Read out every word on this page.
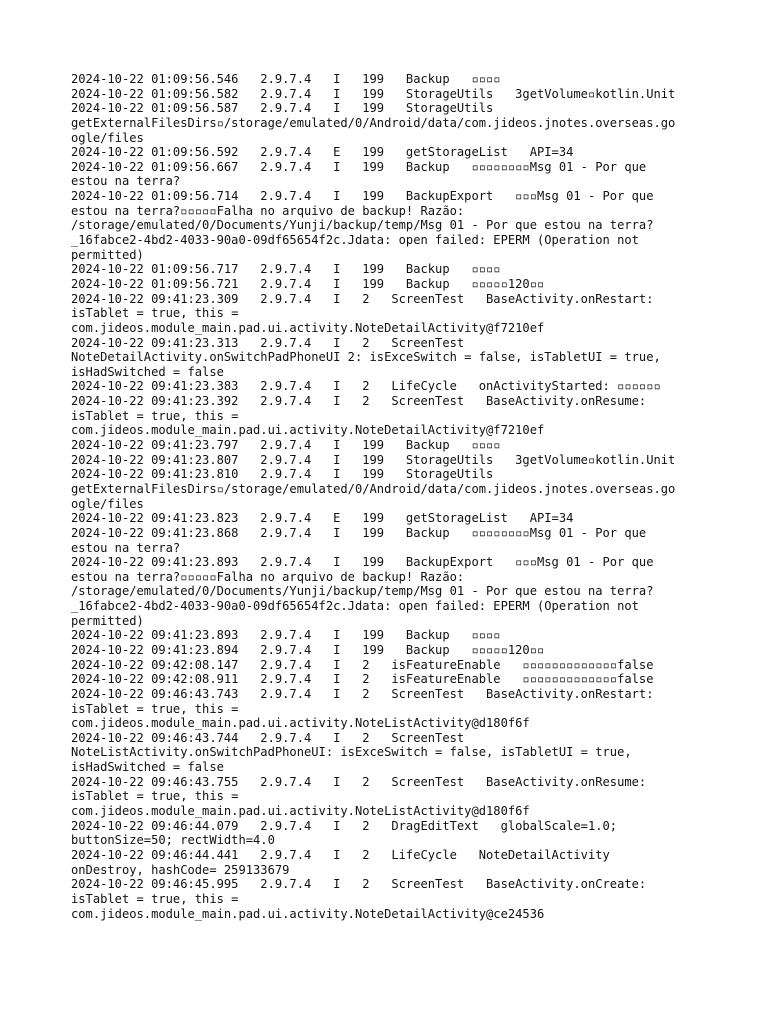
2024-10-22 01:09:56.546   2.9.7.4   I   199   Backup   ▫▫▫▫
2024-10-22 01:09:56.582   2.9.7.4   I   199   StorageUtils   3getVolume▫kotlin.Unit
2024-10-22 01:09:56.587   2.9.7.4   I   199   StorageUtils
getExternalFilesDirs▫/storage/emulated/0/Android/data/com.jideos.jnotes.overseas.go
ogle/files
2024-10-22 01:09:56.592   2.9.7.4   E   199   getStorageList   API=34
2024-10-22 01:09:56.667   2.9.7.4   I   199   Backup   ▫▫▫▫▫▫▫▫Msg 01 - Por que
estou na terra?
2024-10-22 01:09:56.714   2.9.7.4   I   199   BackupExport   ▫▫▫Msg 01 - Por que
estou na terra?▫▫▫▫▫Falha no arquivo de backup! Razão:
/storage/emulated/0/Documents/Yunji/backup/temp/Msg 01 - Por que estou na terra?
_16fabce2-4bd2-4033-90a0-09df65654f2c.Jdata: open failed: EPERM (Operation not
permitted)
2024-10-22 01:09:56.717   2.9.7.4   I   199   Backup   ▫▫▫▫
2024-10-22 01:09:56.721   2.9.7.4   I   199   Backup   ▫▫▫▫▫120▫▫
2024-10-22 09:41:23.309   2.9.7.4   I   2   ScreenTest   BaseActivity.onRestart:
isTablet = true, this =
com.jideos.module_main.pad.ui.activity.NoteDetailActivity@f7210ef
2024-10-22 09:41:23.313   2.9.7.4   I   2   ScreenTest
NoteDetailActivity.onSwitchPadPhoneUI 2: isExceSwitch = false, isTabletUI = true,
isHadSwitched = false
2024-10-22 09:41:23.383   2.9.7.4   I   2   LifeCycle   onActivityStarted: ▫▫▫▫▫▫
2024-10-22 09:41:23.392   2.9.7.4   I   2   ScreenTest   BaseActivity.onResume:
isTablet = true, this =
com.jideos.module_main.pad.ui.activity.NoteDetailActivity@f7210ef
2024-10-22 09:41:23.797   2.9.7.4   I   199   Backup   ▫▫▫▫
2024-10-22 09:41:23.807   2.9.7.4   I   199   StorageUtils   3getVolume▫kotlin.Unit
2024-10-22 09:41:23.810   2.9.7.4   I   199   StorageUtils
getExternalFilesDirs▫/storage/emulated/0/Android/data/com.jideos.jnotes.overseas.go
ogle/files
2024-10-22 09:41:23.823   2.9.7.4   E   199   getStorageList   API=34
2024-10-22 09:41:23.868   2.9.7.4   I   199   Backup   ▫▫▫▫▫▫▫▫Msg 01 - Por que
estou na terra?
2024-10-22 09:41:23.893   2.9.7.4   I   199   BackupExport   ▫▫▫Msg 01 - Por que
estou na terra?▫▫▫▫▫Falha no arquivo de backup! Razão:
/storage/emulated/0/Documents/Yunji/backup/temp/Msg 01 - Por que estou na terra?
_16fabce2-4bd2-4033-90a0-09df65654f2c.Jdata: open failed: EPERM (Operation not
permitted)
2024-10-22 09:41:23.893   2.9.7.4   I   199   Backup   ▫▫▫▫
2024-10-22 09:41:23.894   2.9.7.4   I   199   Backup   ▫▫▫▫▫120▫▫
2024-10-22 09:42:08.147   2.9.7.4   I   2   isFeatureEnable   ▫▫▫▫▫▫▫▫▫▫▫▫▫false
2024-10-22 09:42:08.911   2.9.7.4   I   2   isFeatureEnable   ▫▫▫▫▫▫▫▫▫▫▫▫▫false
2024-10-22 09:46:43.743   2.9.7.4   I   2   ScreenTest   BaseActivity.onRestart:
isTablet = true, this =
com.jideos.module_main.pad.ui.activity.NoteListActivity@d180f6f
2024-10-22 09:46:43.744   2.9.7.4   I   2   ScreenTest
NoteListActivity.onSwitchPadPhoneUI: isExceSwitch = false, isTabletUI = true,
isHadSwitched = false
2024-10-22 09:46:43.755   2.9.7.4   I   2   ScreenTest   BaseActivity.onResume:
isTablet = true, this =
com.jideos.module_main.pad.ui.activity.NoteListActivity@d180f6f
2024-10-22 09:46:44.079   2.9.7.4   I   2   DragEditText   globalScale=1.0;
buttonSize=50; rectWidth=4.0
2024-10-22 09:46:44.441   2.9.7.4   I   2   LifeCycle   NoteDetailActivity
onDestroy, hashCode= 259133679
2024-10-22 09:46:45.995   2.9.7.4   I   2   ScreenTest   BaseActivity.onCreate:
isTablet = true, this =
com.jideos.module_main.pad.ui.activity.NoteDetailActivity@ce24536
